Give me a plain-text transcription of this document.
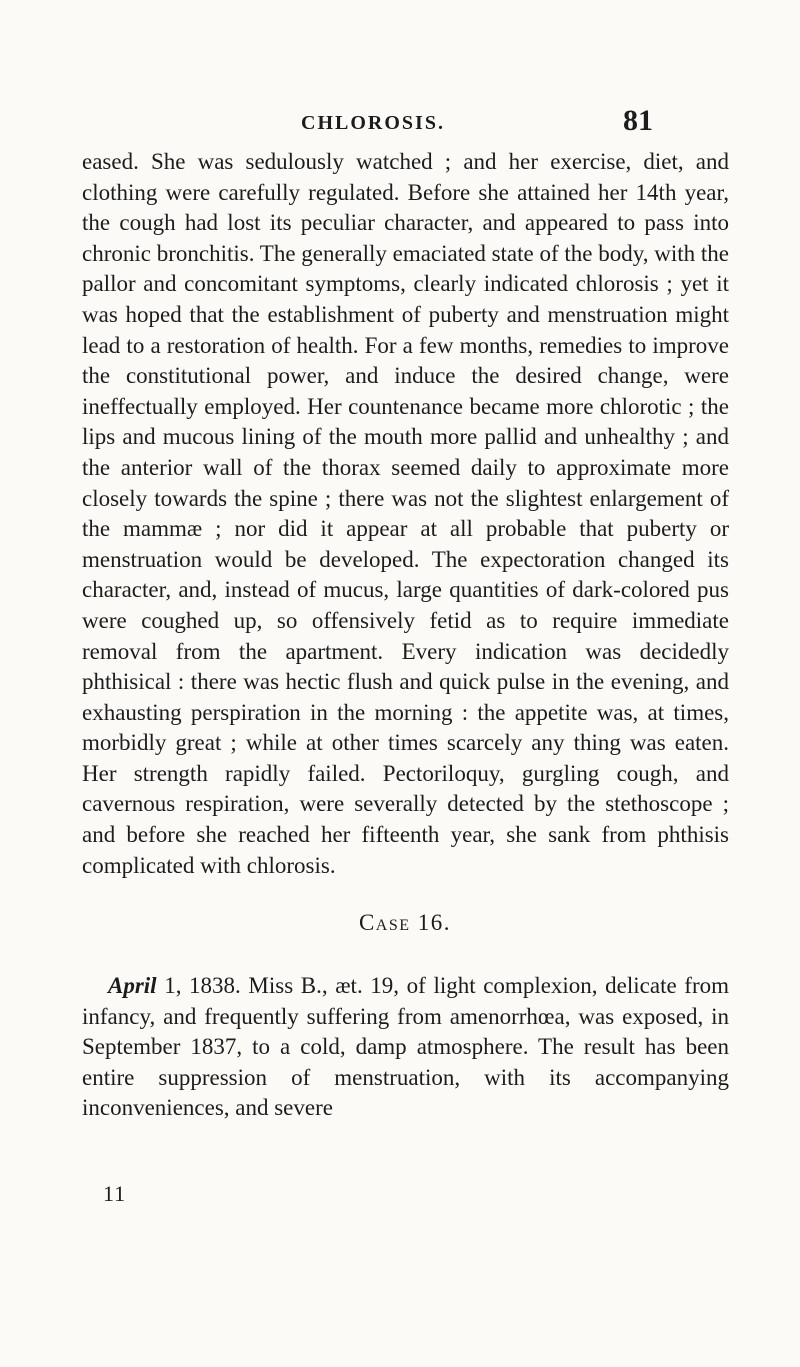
CHLOROSIS.	81

eased. She was sedulously watched ; and her exercise, diet, and clothing were carefully regulated. Before she attained her 14th year, the cough had lost its peculiar character, and appeared to pass into chronic bronchitis. The generally emaciated state of the body, with the pallor and concomitant symptoms, clearly indicated chlorosis ; yet it was hoped that the establishment of puberty and menstruation might lead to a restoration of health. For a few months, remedies to improve the constitutional power, and induce the desired change, were ineffectually employed. Her countenance became more chlorotic ; the lips and mucous lining of the mouth more pallid and unhealthy ; and the anterior wall of the thorax seemed daily to approximate more closely towards the spine ; there was not the slightest enlargement of the mammæ ; nor did it appear at all probable that puberty or menstruation would be developed. The expectoration changed its character, and, instead of mucus, large quantities of dark-colored pus were coughed up, so offensively fetid as to require immediate removal from the apartment. Every indication was decidedly phthisical : there was hectic flush and quick pulse in the evening, and exhausting perspiration in the morning : the appetite was, at times, morbidly great ; while at other times scarcely any thing was eaten. Her strength rapidly failed. Pectoriloquy, gurgling cough, and cavernous respiration, were severally detected by the stethoscope ; and before she reached her fifteenth year, she sank from phthisis complicated with chlorosis.

Case 16.

April 1, 1838. Miss B., æt. 19, of light complexion, delicate from infancy, and frequently suffering from amenorrhœa, was exposed, in September 1837, to a cold, damp atmosphere. The result has been entire suppression of menstruation, with its accompanying inconveniences, and severe

11
